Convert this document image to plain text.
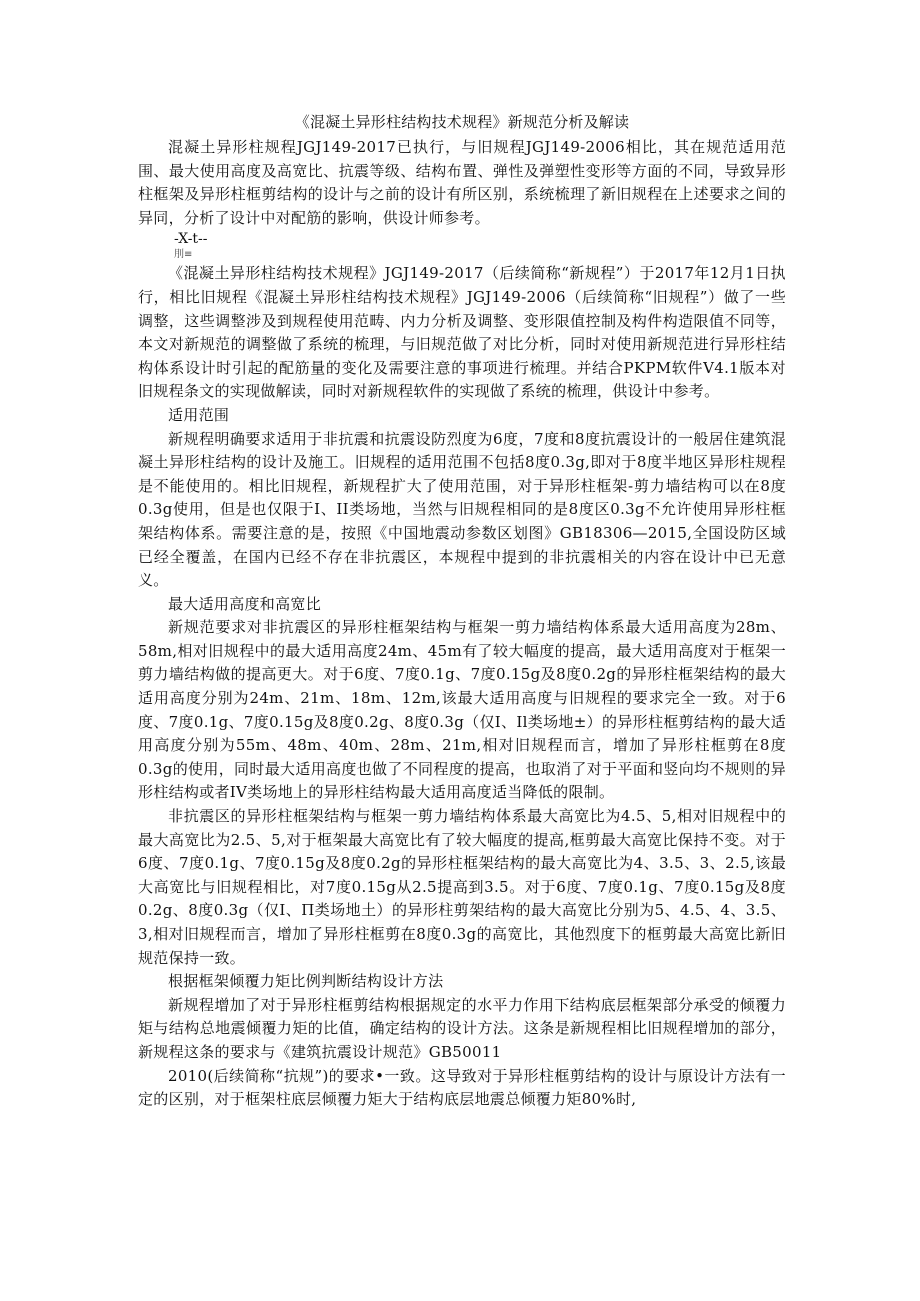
《混凝土异形柱结构技术规程》新规范分析及解读

混凝土异形柱规程JGJ149-2017已执行，与旧规程JGJ149-2006相比，其在规范适用范围、最大使用高度及高宽比、抗震等级、结构布置、弹性及弹塑性变形等方面的不同，导致异形柱框架及异形柱框剪结构的设计与之前的设计有所区别，系统梳理了新旧规程在上述要求之间的异同，分析了设计中对配筋的影响，供设计师参考。

-X-t--

刖≡

《混凝土异形柱结构技术规程》JGJ149-2017（后续简称“新规程”）于2017年12月1日执行，相比旧规程《混凝土异形柱结构技术规程》JGJ149-2006（后续简称“旧规程”）做了一些调整，这些调整涉及到规程使用范畴、内力分析及调整、变形限值控制及构件构造限值不同等，本文对新规范的调整做了系统的梳理，与旧规范做了对比分析，同时对使用新规范进行异形柱结构体系设计时引起的配筋量的变化及需要注意的事项进行梳理。并结合PKPM软件V4.1版本对旧规程条文的实现做解读，同时对新规程软件的实现做了系统的梳理，供设计中参考。

适用范围

新规程明确要求适用于非抗震和抗震设防烈度为6度，7度和8度抗震设计的一般居住建筑混凝土异形柱结构的设计及施工。旧规程的适用范围不包括8度0.3g,即对于8度半地区异形柱规程是不能使用的。相比旧规程，新规程扩大了使用范围，对于异形柱框架-剪力墙结构可以在8度0.3g使用，但是也仅限于I、II类场地，当然与旧规程相同的是8度区0.3g不允许使用异形柱框架结构体系。需要注意的是，按照《中国地震动参数区划图》GB18306—2015,全国设防区域已经全覆盖，在国内已经不存在非抗震区，本规程中提到的非抗震相关的内容在设计中已无意义。

最大适用高度和高宽比

新规范要求对非抗震区的异形柱框架结构与框架一剪力墙结构体系最大适用高度为28m、58m,相对旧规程中的最大适用高度24m、45m有了较大幅度的提高，最大适用高度对于框架一剪力墙结构做的提高更大。对于6度、7度0.1g、7度0.15g及8度0.2g的异形柱框架结构的最大适用高度分别为24m、21m、18m、12m,该最大适用高度与旧规程的要求完全一致。对于6度、7度0.1g、7度0.15g及8度0.2g、8度0.3g（仅I、Il类场地±）的异形柱框剪结构的最大适用高度分别为55m、48m、40m、28m、21m,相对旧规程而言，增加了异形柱框剪在8度0.3g的使用，同时最大适用高度也做了不同程度的提高，也取消了对于平面和竖向均不规则的异形柱结构或者IV类场地上的异形柱结构最大适用高度适当降低的限制。

非抗震区的异形柱框架结构与框架一剪力墙结构体系最大高宽比为4.5、5,相对旧规程中的最大高宽比为2.5、5,对于框架最大高宽比有了较大幅度的提高,框剪最大高宽比保持不变。对于6度、7度0.1g、7度0.15g及8度0.2g的异形柱框架结构的最大高宽比为4、3.5、3、2.5,该最大高宽比与旧规程相比，对7度0.15g从2.5提高到3.5。对于6度、7度0.1g、7度0.15g及8度0.2g、8度0.3g（仅I、Π类场地土）的异形柱剪架结构的最大高宽比分别为5、4.5、4、3.5、3,相对旧规程而言，增加了异形柱框剪在8度0.3g的高宽比，其他烈度下的框剪最大高宽比新旧规范保持一致。

根据框架倾覆力矩比例判断结构设计方法

新规程增加了对于异形柱框剪结构根据规定的水平力作用下结构底层框架部分承受的倾覆力矩与结构总地震倾覆力矩的比值，确定结构的设计方法。这条是新规程相比旧规程增加的部分，新规程这条的要求与《建筑抗震设计规范》GB50011

2010(后续简称“抗规”)的要求•一致。这导致对于异形柱框剪结构的设计与原设计方法有一定的区别，对于框架柱底层倾覆力矩大于结构底层地震总倾覆力矩80%时,
